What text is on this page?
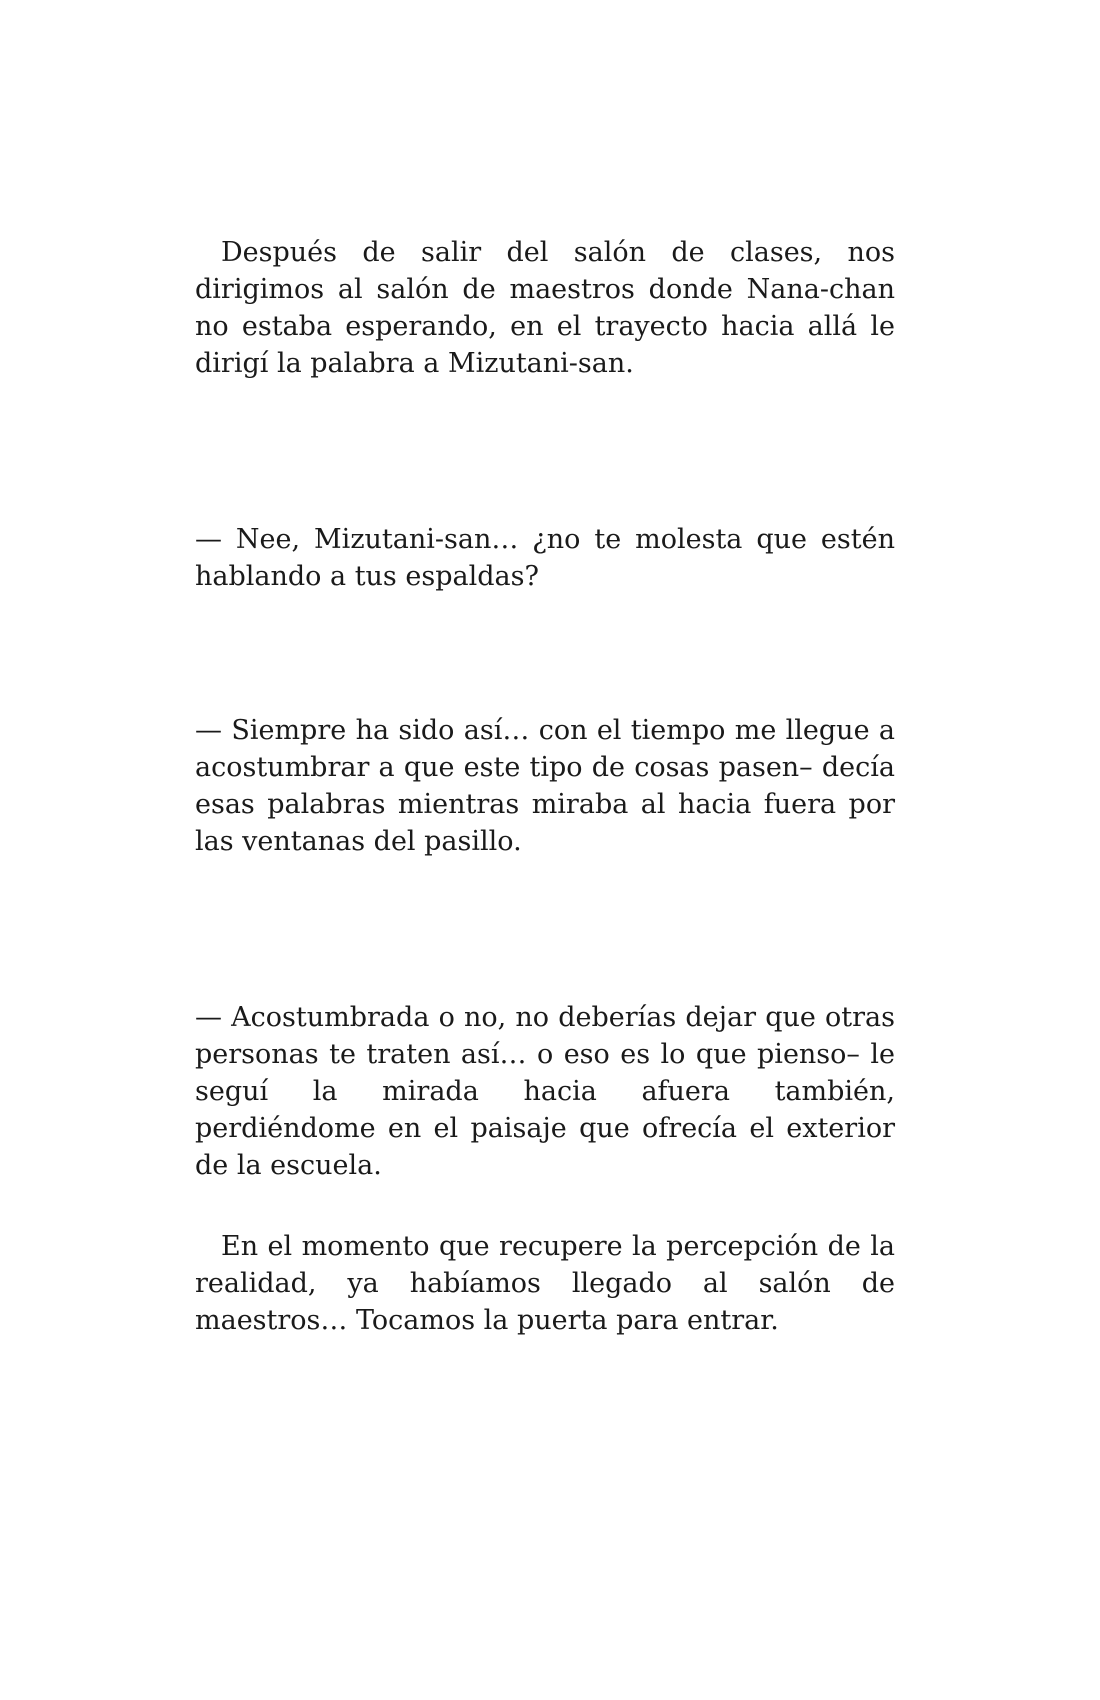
Después de salir del salón de clases, nos dirigimos al salón de maestros donde Nana-chan no estaba esperando, en el trayecto hacia allá le dirigí la palabra a Mizutani-san.

— Nee, Mizutani-san… ¿no te molesta que estén hablando a tus espaldas?

— Siempre ha sido así… con el tiempo me llegue a acostumbrar a que este tipo de cosas pasen– decía esas palabras mientras miraba al hacia fuera por las ventanas del pasillo.

— Acostumbrada o no, no deberías dejar que otras personas te traten así… o eso es lo que pienso– le seguí la mirada hacia afuera también, perdiéndome en el paisaje que ofrecía el exterior de la escuela.

En el momento que recupere la percepción de la realidad, ya habíamos llegado al salón de maestros… Tocamos la puerta para entrar.
